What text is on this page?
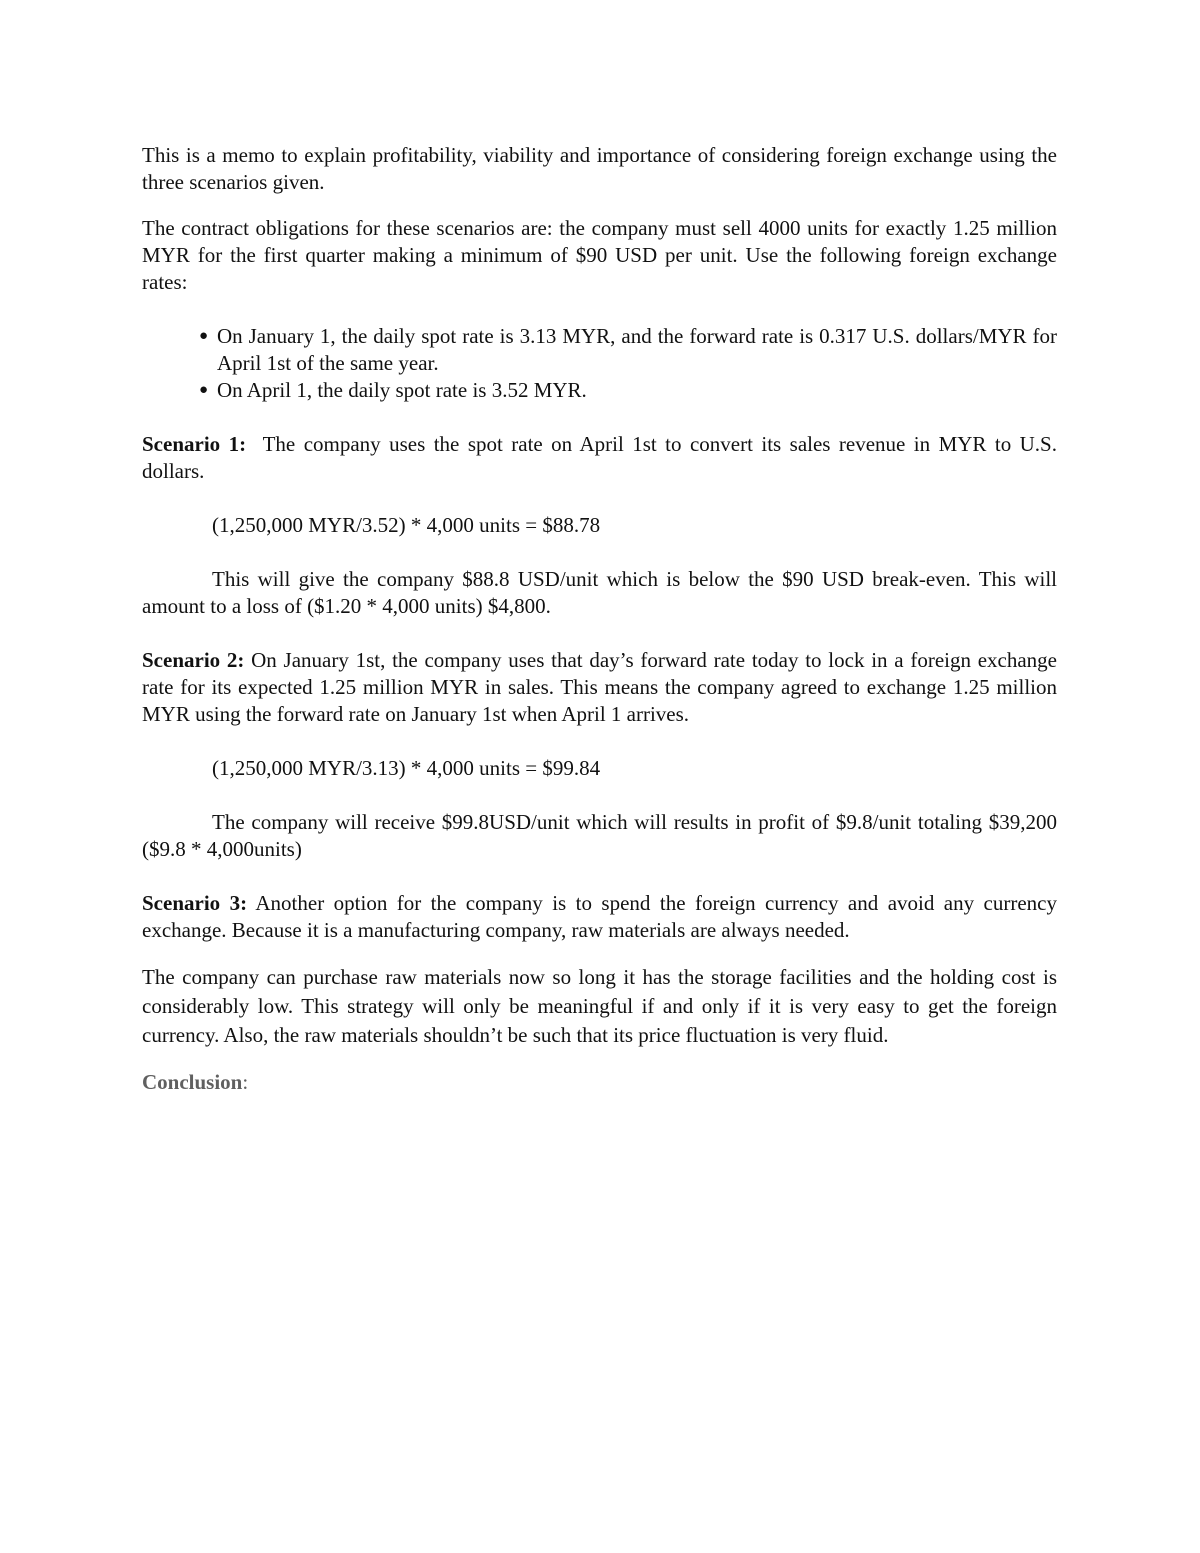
This is a memo to explain profitability, viability and importance of considering foreign exchange using the three scenarios given.

The contract obligations for these scenarios are: the company must sell 4000 units for exactly 1.25 million MYR for the first quarter making a minimum of $90 USD per unit. Use the following foreign exchange rates:

● On January 1, the daily spot rate is 3.13 MYR, and the forward rate is 0.317 U.S. dollars/MYR for April 1st of the same year.
● On April 1, the daily spot rate is 3.52 MYR.

Scenario 1: The company uses the spot rate on April 1st to convert its sales revenue in MYR to U.S. dollars.

(1,250,000 MYR/3.52) * 4,000 units = $88.78

This will give the company $88.8 USD/unit which is below the $90 USD break-even. This will amount to a loss of ($1.20 * 4,000 units) $4,800.

Scenario 2: On January 1st, the company uses that day’s forward rate today to lock in a foreign exchange rate for its expected 1.25 million MYR in sales. This means the company agreed to exchange 1.25 million MYR using the forward rate on January 1st when April 1 arrives.

(1,250,000 MYR/3.13) * 4,000 units = $99.84

The company will receive $99.8USD/unit which will results in profit of $9.8/unit totaling $39,200 ($9.8 * 4,000units)

Scenario 3: Another option for the company is to spend the foreign currency and avoid any currency exchange. Because it is a manufacturing company, raw materials are always needed.

The company can purchase raw materials now so long it has the storage facilities and the holding cost is considerably low. This strategy will only be meaningful if and only if it is very easy to get the foreign currency. Also, the raw materials shouldn’t be such that its price fluctuation is very fluid.

Conclusion:
